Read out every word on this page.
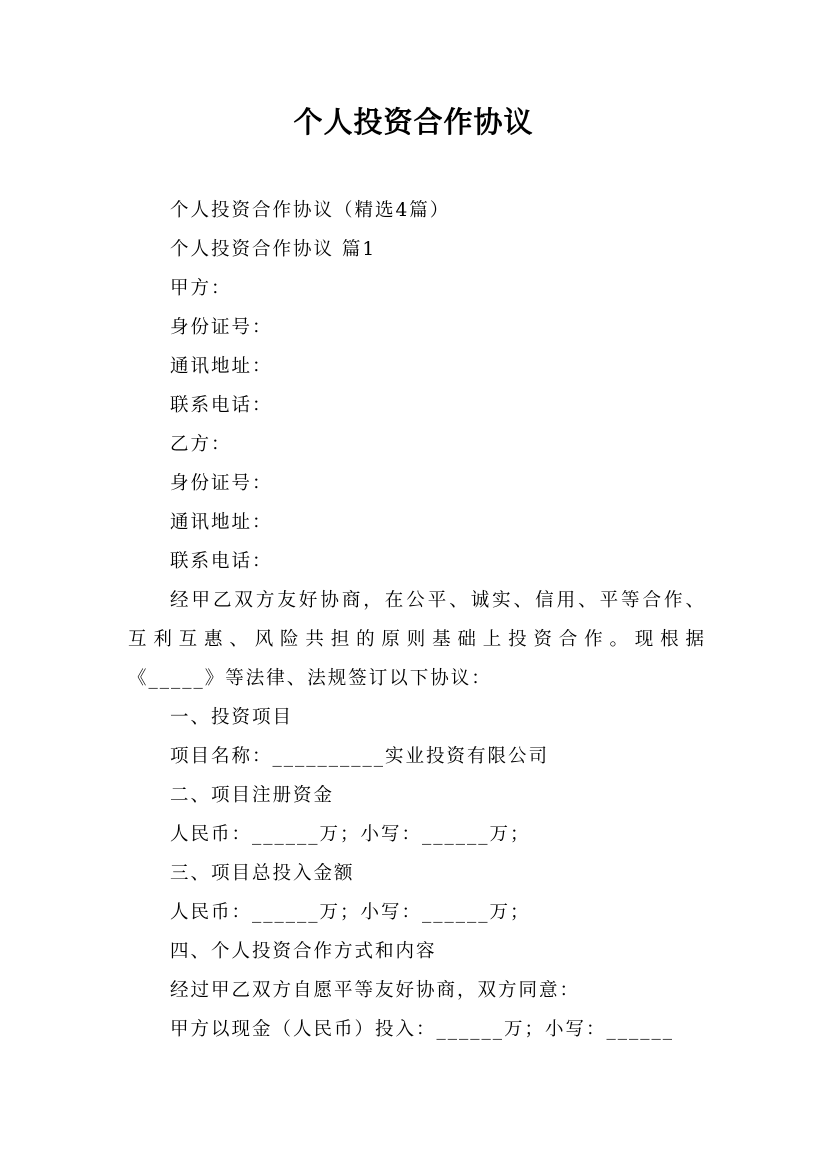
个人投资合作协议
个人投资合作协议（精选4篇）
个人投资合作协议 篇1
甲方：
身份证号：
通讯地址：
联系电话：
乙方：
身份证号：
通讯地址：
联系电话：
经甲乙双方友好协商，在公平、诚实、信用、平等合作、
互利互惠、风险共担的原则基础上投资合作。现根据
《_____》等法律、法规签订以下协议：
一、投资项目
项目名称：__________实业投资有限公司
二、项目注册资金
人民币：______万；小写：______万；
三、项目总投入金额
人民币：______万；小写：______万；
四、个人投资合作方式和内容
经过甲乙双方自愿平等友好协商，双方同意：
甲方以现金（人民币）投入：______万；小写：______
